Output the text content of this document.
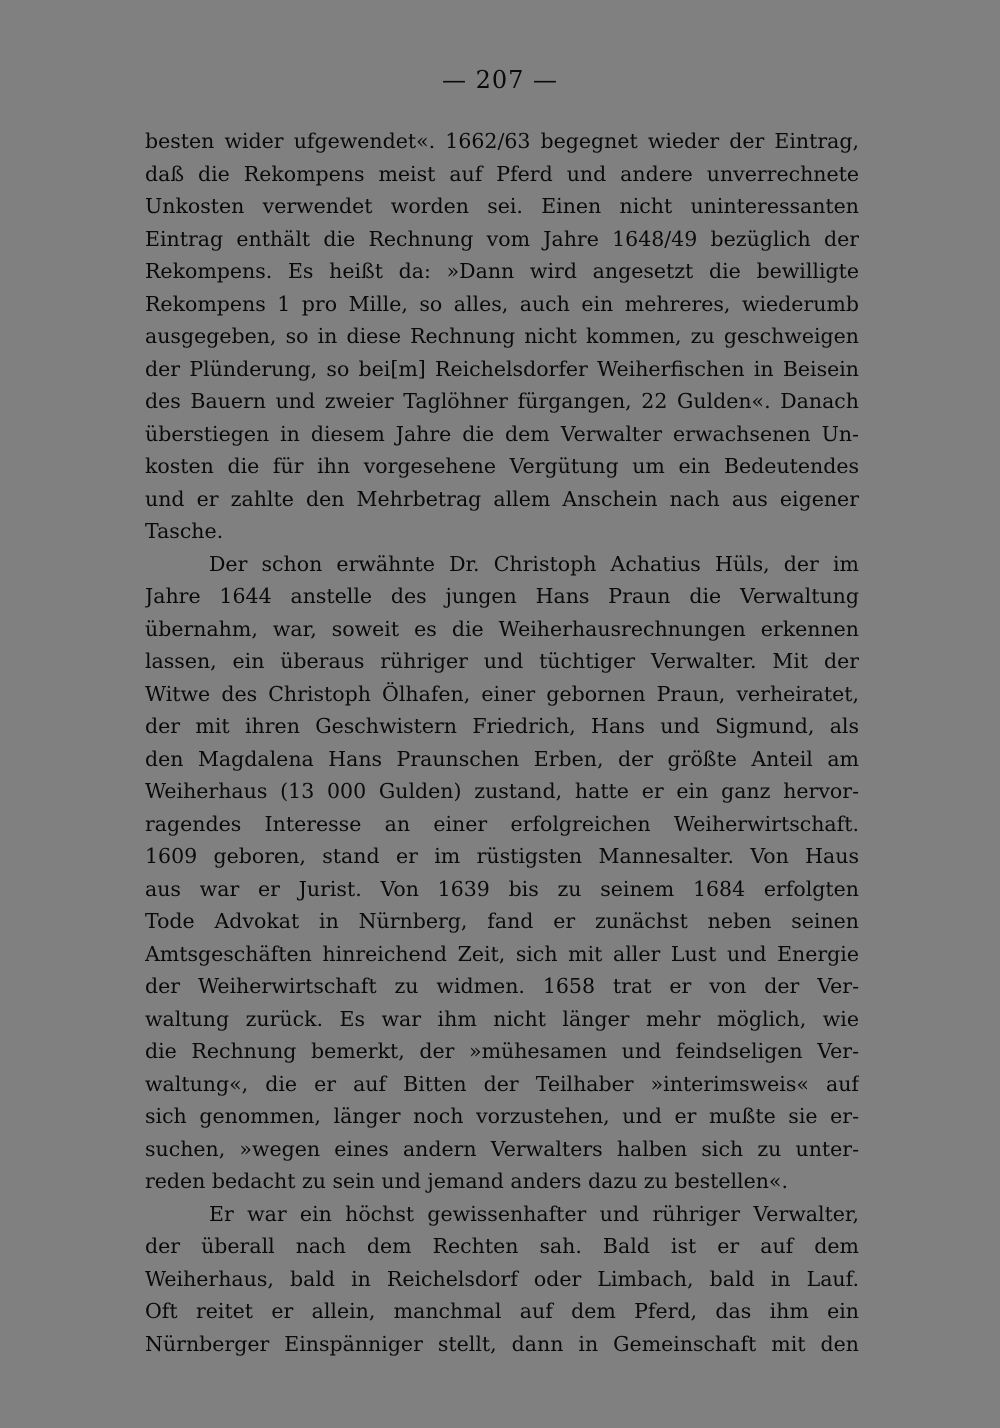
— 207 —
besten wider ufgewendet«. 1662/63 begegnet wieder der Eintrag,
daß die Rekompens meist auf Pferd und andere unverrechnete
Unkosten verwendet worden sei. Einen nicht uninteressanten
Eintrag enthält die Rechnung vom Jahre 1648/49 bezüglich der
Rekompens. Es heißt da: »Dann wird angesetzt die bewilligte
Rekompens 1 pro Mille, so alles, auch ein mehreres, wiederumb
ausgegeben, so in diese Rechnung nicht kommen, zu geschweigen
der Plünderung, so bei[m] Reichelsdorfer Weiherfischen in Beisein
des Bauern und zweier Taglöhner fürgangen, 22 Gulden«. Danach
überstiegen in diesem Jahre die dem Verwalter erwachsenen Un-
kosten die für ihn vorgesehene Vergütung um ein Bedeutendes
und er zahlte den Mehrbetrag allem Anschein nach aus eigener
Tasche.
Der schon erwähnte Dr. Christoph Achatius Hüls, der im
Jahre 1644 anstelle des jungen Hans Praun die Verwaltung
übernahm, war, soweit es die Weiherhausrechnungen erkennen
lassen, ein überaus rühriger und tüchtiger Verwalter. Mit der
Witwe des Christoph Ölhafen, einer gebornen Praun, verheiratet,
der mit ihren Geschwistern Friedrich, Hans und Sigmund, als
den Magdalena Hans Praunschen Erben, der größte Anteil am
Weiherhaus (13 000 Gulden) zustand, hatte er ein ganz hervor-
ragendes Interesse an einer erfolgreichen Weiherwirtschaft.
1609 geboren, stand er im rüstigsten Mannesalter. Von Haus
aus war er Jurist. Von 1639 bis zu seinem 1684 erfolgten
Tode Advokat in Nürnberg, fand er zunächst neben seinen
Amtsgeschäften hinreichend Zeit, sich mit aller Lust und Energie
der Weiherwirtschaft zu widmen. 1658 trat er von der Ver-
waltung zurück. Es war ihm nicht länger mehr möglich, wie
die Rechnung bemerkt, der »mühesamen und feindseligen Ver-
waltung«, die er auf Bitten der Teilhaber »interimsweis« auf
sich genommen, länger noch vorzustehen, und er mußte sie er-
suchen, »wegen eines andern Verwalters halben sich zu unter-
reden bedacht zu sein und jemand anders dazu zu bestellen«.
Er war ein höchst gewissenhafter und rühriger Verwalter,
der überall nach dem Rechten sah. Bald ist er auf dem
Weiherhaus, bald in Reichelsdorf oder Limbach, bald in Lauf.
Oft reitet er allein, manchmal auf dem Pferd, das ihm ein
Nürnberger Einspänniger stellt, dann in Gemeinschaft mit den
